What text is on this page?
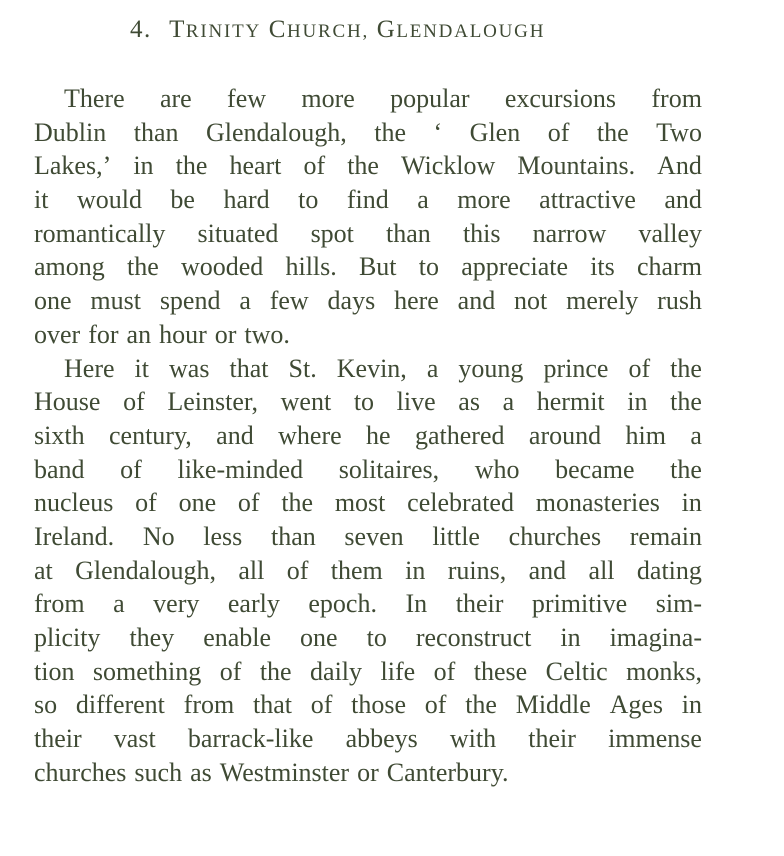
4. TRINITY CHURCH, GLENDALOUGH
There are few more popular excursions from
Dublin than Glendalough, the ‘ Glen of the Two
Lakes,’ in the heart of the Wicklow Mountains. And
it would be hard to find a more attractive and
romantically situated spot than this narrow valley
among the wooded hills. But to appreciate its charm
one must spend a few days here and not merely rush
over for an hour or two.
Here it was that St. Kevin, a young prince of the
House of Leinster, went to live as a hermit in the
sixth century, and where he gathered around him a
band of like-minded solitaires, who became the
nucleus of one of the most celebrated monasteries in
Ireland. No less than seven little churches remain
at Glendalough, all of them in ruins, and all dating
from a very early epoch. In their primitive sim-
plicity they enable one to reconstruct in imagina-
tion something of the daily life of these Celtic monks,
so different from that of those of the Middle Ages in
their vast barrack-like abbeys with their immense
churches such as Westminster or Canterbury.
